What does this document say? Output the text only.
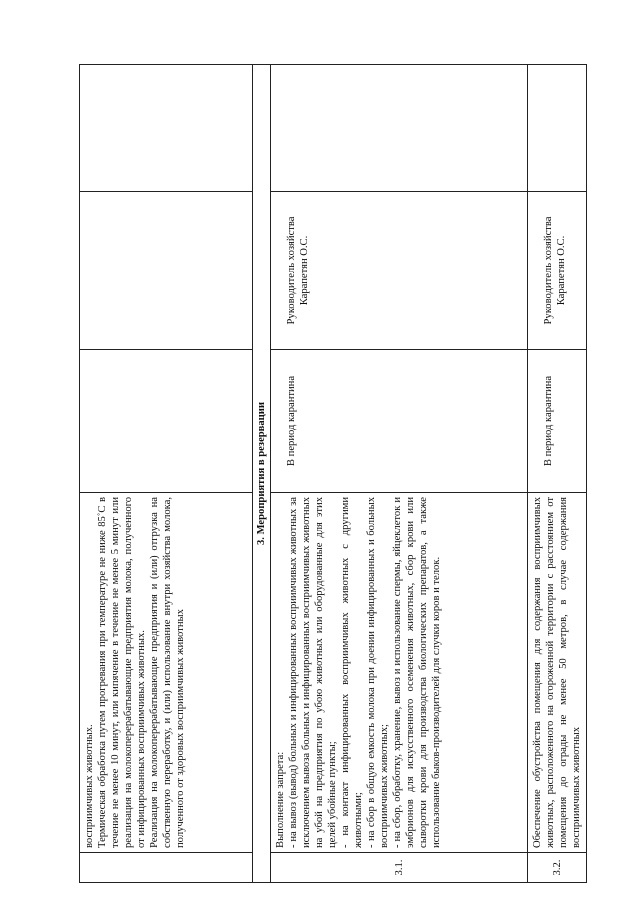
	восприимчивых животных. Термическая обработка путем прогревания при температуре не ниже 85˚С в течение не менее 10 минут, или кипячение в течение не менее 5 минут или реализация на молокоперерабатывающие предприятия молока, полученного от инфицированных восприимчивых животных. Реализация на молокоперерабатывающие предприятия и (или) отгрузка на собственную переработку, и (или) использование внутри хозяйства молока, полученного от здоровых восприимчивых животных			

3. Мероприятия в резервации				
3.1.	Выполнение запрета: - на вывоз (вывод) больных и инфицированных восприимчивых животных за исключением вывоза больных и инфицированных восприимчивых животных на убой на предприятия по убою животных или оборудованные для этих целей убойные пункты; - на контакт инфицированных восприимчивых животных с другими животными; - на сбор в общую емкость молока при доении инфицированных и больных восприимчивых животных; - на сбор, обработку, хранение, вывоз и использование спермы, яйцеклеток и эмбрионов для искусственного осеменения животных, сбор крови или сыворотки крови для производства биологических препаратов, а также использование быков-производителей для случки коров и телок.	В период карантина	Руководитель хозяйства Карапетян О.С.	
3.2.	Обеспечение обустройства помещения для содержания восприимчивых животных, расположенного на огороженной территории с расстоянием от помещения до ограды не менее 50 метров, в случае содержания восприимчивых животных	В период карантина	Руководитель хозяйства Карапетян О.С.	
